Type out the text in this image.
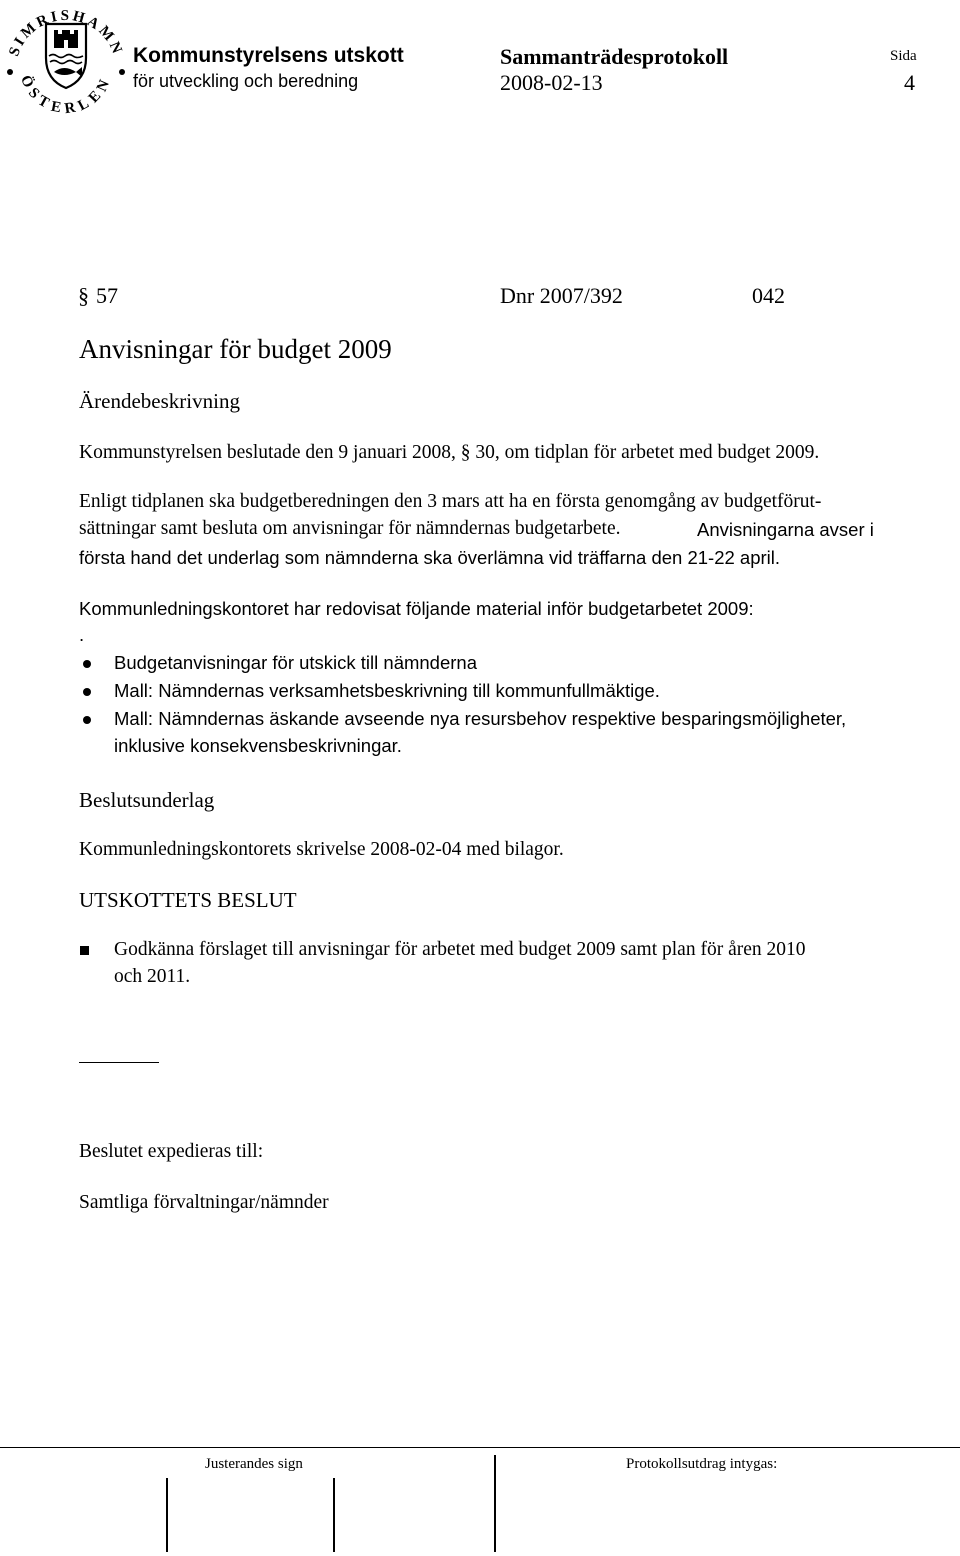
SIMRISHAMN
ÖSTERLEN
Kommunstyrelsens utskott
för utveckling och beredning
Sammanträdesprotokoll
2008-02-13
Sida
4
§ 57	Dnr 2007/392	042
Anvisningar för budget 2009
Ärendebeskrivning
Kommunstyrelsen beslutade den 9 januari 2008, § 30, om tidplan för arbetet med budget 2009.
Enligt tidplanen ska budgetberedningen den 3 mars att ha en första genomgång av budgetförut-
sättningar samt besluta om anvisningar för nämndernas budgetarbete.	Anvisningarna avser i
första hand det underlag som nämnderna ska överlämna vid träffarna den 21-22 april.
Kommunledningskontoret har redovisat följande material inför budgetarbetet 2009:
.
Budgetanvisningar för utskick till nämnderna
Mall: Nämndernas verksamhetsbeskrivning till kommunfullmäktige.
Mall: Nämndernas äskande avseende nya resursbehov respektive besparingsmöjligheter,
inklusive konsekvensbeskrivningar.
Beslutsunderlag
Kommunledningskontorets skrivelse 2008-02-04 med bilagor.
UTSKOTTETS BESLUT
Godkänna förslaget till anvisningar för arbetet med budget 2009 samt plan för åren 2010
och 2011.
Beslutet expedieras till:
Samtliga förvaltningar/nämnder
Justerandes sign	Protokollsutdrag intygas:
